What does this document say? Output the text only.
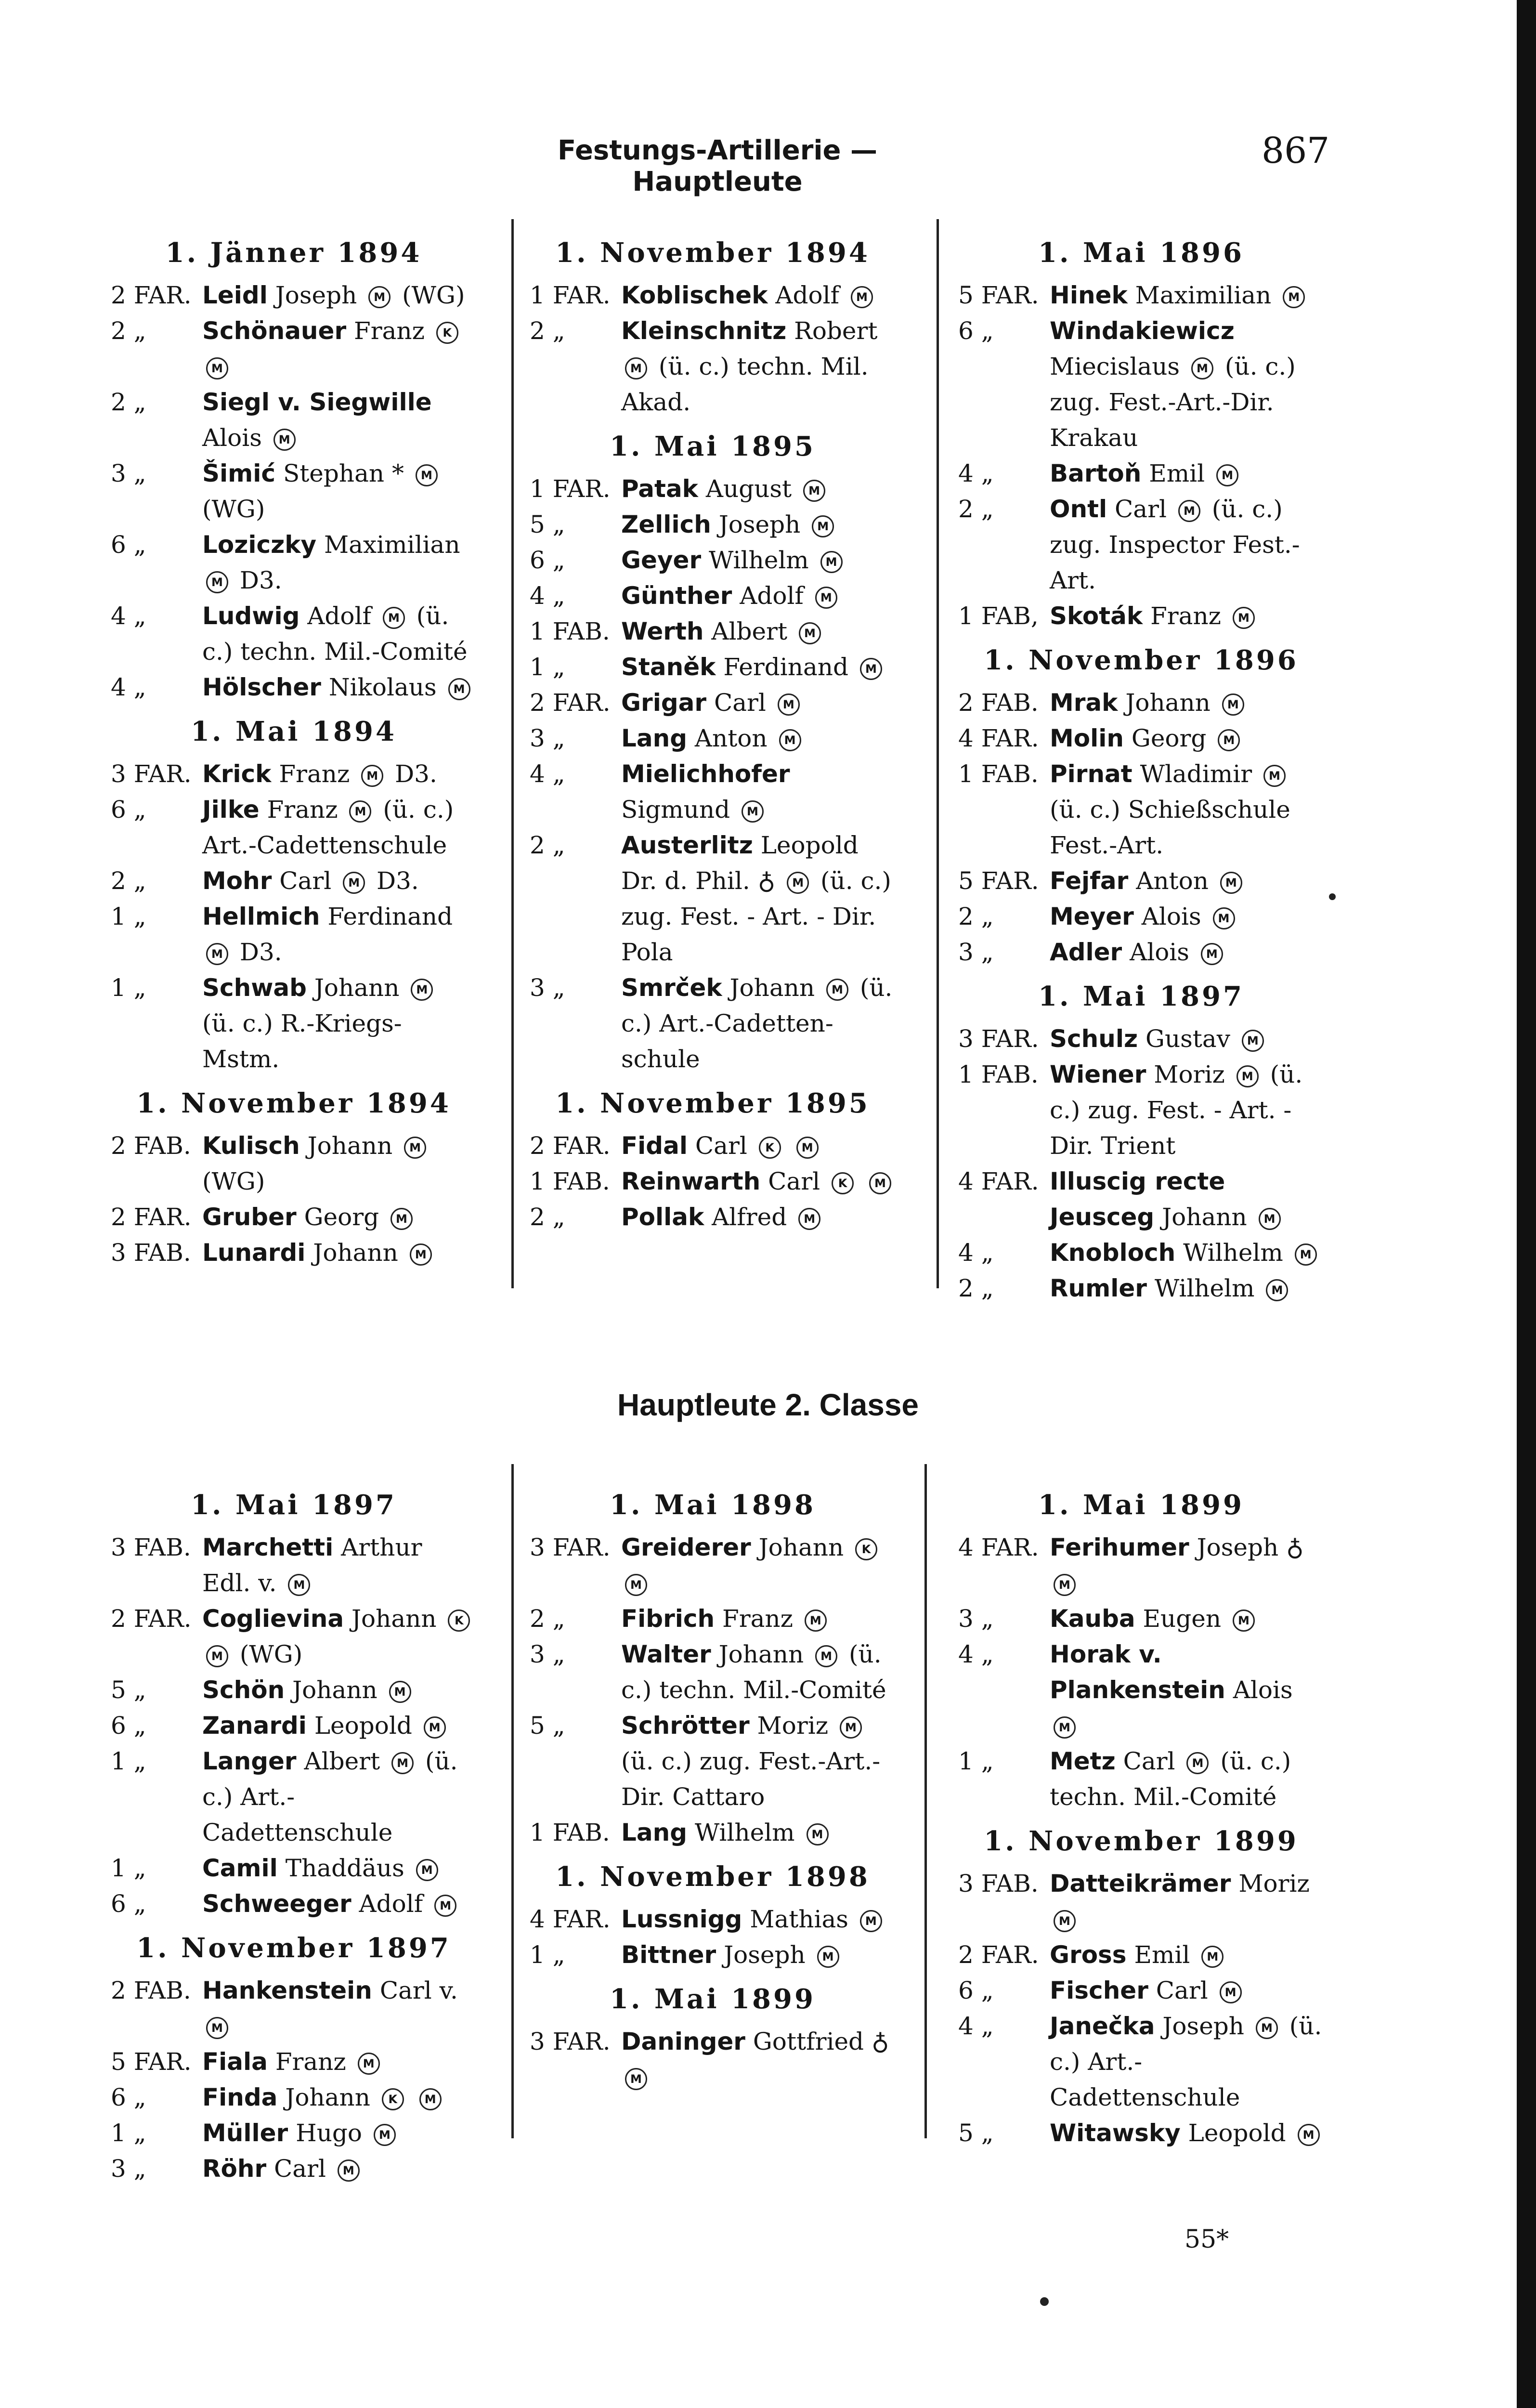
Festungs-Artillerie — Hauptleute
867
1. Jänner 1894
2 FAR. Leidl Joseph M (WG)
2 „	Schönauer Franz K M
2 „	Siegl v. Siegwille Alois M
3 „	Šimić Stephan * M (WG)
6 „	Loziczky Maximilian M D3.
4 „	Ludwig Adolf M (ü. c.) techn. Mil.-Comité
4 „	Hölscher Nikolaus M
1. Mai 1894
3 FAR. Krick Franz M D3.
6 „	Jilke Franz M (ü. c.) Art.-Cadettenschule
2 „	Mohr Carl M D3.
1 „	Hellmich Ferdinand M D3.
1 „	Schwab Johann M (ü. c.) R.-Kriegs-Mstm.
1. November 1894
2 FAB. Kulisch Johann M (WG)
2 FAR. Gruber Georg M
3 FAB. Lunardi Johann M
1. November 1894
1 FAR. Koblischek Adolf M
2 „	Kleinschnitz Robert M (ü. c.) techn. Mil. Akad.
1. Mai 1895
1 FAR. Patak August M
5 „	Zellich Joseph M
6 „	Geyer Wilhelm M
4 „	Günther Adolf M
1 FAB. Werth Albert M
1 „	Staněk Ferdinand M
2 FAR. Grigar Carl M
3 „	Lang Anton M
4 „	Mielichhofer Sigmund M
2 „	Austerlitz Leopold Dr. d. Phil. ♁ M (ü. c.) zug. Fest. - Art. - Dir. Pola
3 „	Smrček Johann M (ü. c.) Art.-Cadetten-schule
1. November 1895
2 FAR. Fidal Carl K M
1 FAB. Reinwarth Carl K M
2 „	Pollak Alfred M
1. Mai 1896
5 FAR. Hinek Maximilian M
6 „	Windakiewicz Miecislaus M (ü. c.) zug. Fest.-Art.-Dir. Krakau
4 „	Bartoň Emil M
2 „	Ontl Carl M (ü. c.) zug. Inspector Fest.-Art.
1 FAB, Skoták Franz M
1. November 1896
2 FAB. Mrak Johann M
4 FAR. Molin Georg M
1 FAB. Pirnat Wladimir M (ü. c.) Schießschule Fest.-Art.
5 FAR. Fejfar Anton M
2 „	Meyer Alois M
3 „	Adler Alois M
1. Mai 1897
3 FAR. Schulz Gustav M
1 FAB. Wiener Moriz M (ü. c.) zug. Fest. - Art. - Dir. Trient
4 FAR. Illuscig recte Jeusceg Johann M
4 „	Knobloch Wilhelm M
2 „	Rumler Wilhelm M
Hauptleute 2. Classe
1. Mai 1897
3 FAB. Marchetti Arthur Edl. v. M
2 FAR. Coglievina Johann K M (WG)
5 „	Schön Johann M
6 „	Zanardi Leopold M
1 „	Langer Albert M (ü. c.) Art.-Cadettenschule
1 „	Camil Thaddäus M
6 „	Schweeger Adolf M
1. November 1897
2 FAB. Hankenstein Carl v. M
5 FAR. Fiala Franz M
6 „	Finda Johann K M
1 „	Müller Hugo M
3 „	Röhr Carl M
1. Mai 1898
3 FAR. Greiderer Johann K M
2 „	Fibrich Franz M
3 „	Walter Johann M (ü. c.) techn. Mil.-Comité
5 „	Schrötter Moriz M (ü. c.) zug. Fest.-Art.-Dir. Cattaro
1 FAB. Lang Wilhelm M
1. November 1898
4 FAR. Lussnigg Mathias M
1 „	Bittner Joseph M
1. Mai 1899
3 FAR. Daninger Gottfried ♁ M
1. Mai 1899
4 FAR. Ferihumer Joseph ♁ M
3 „	Kauba Eugen M
4 „	Horak v. Plankenstein Alois M
1 „	Metz Carl M (ü. c.) techn. Mil.-Comité
1. November 1899
3 FAB. Datteikrämer Moriz M
2 FAR. Gross Emil M
6 „	Fischer Carl M
4 „	Janečka Joseph M (ü. c.) Art.-Cadettenschule
5 „	Witawsky Leopold M
55*
